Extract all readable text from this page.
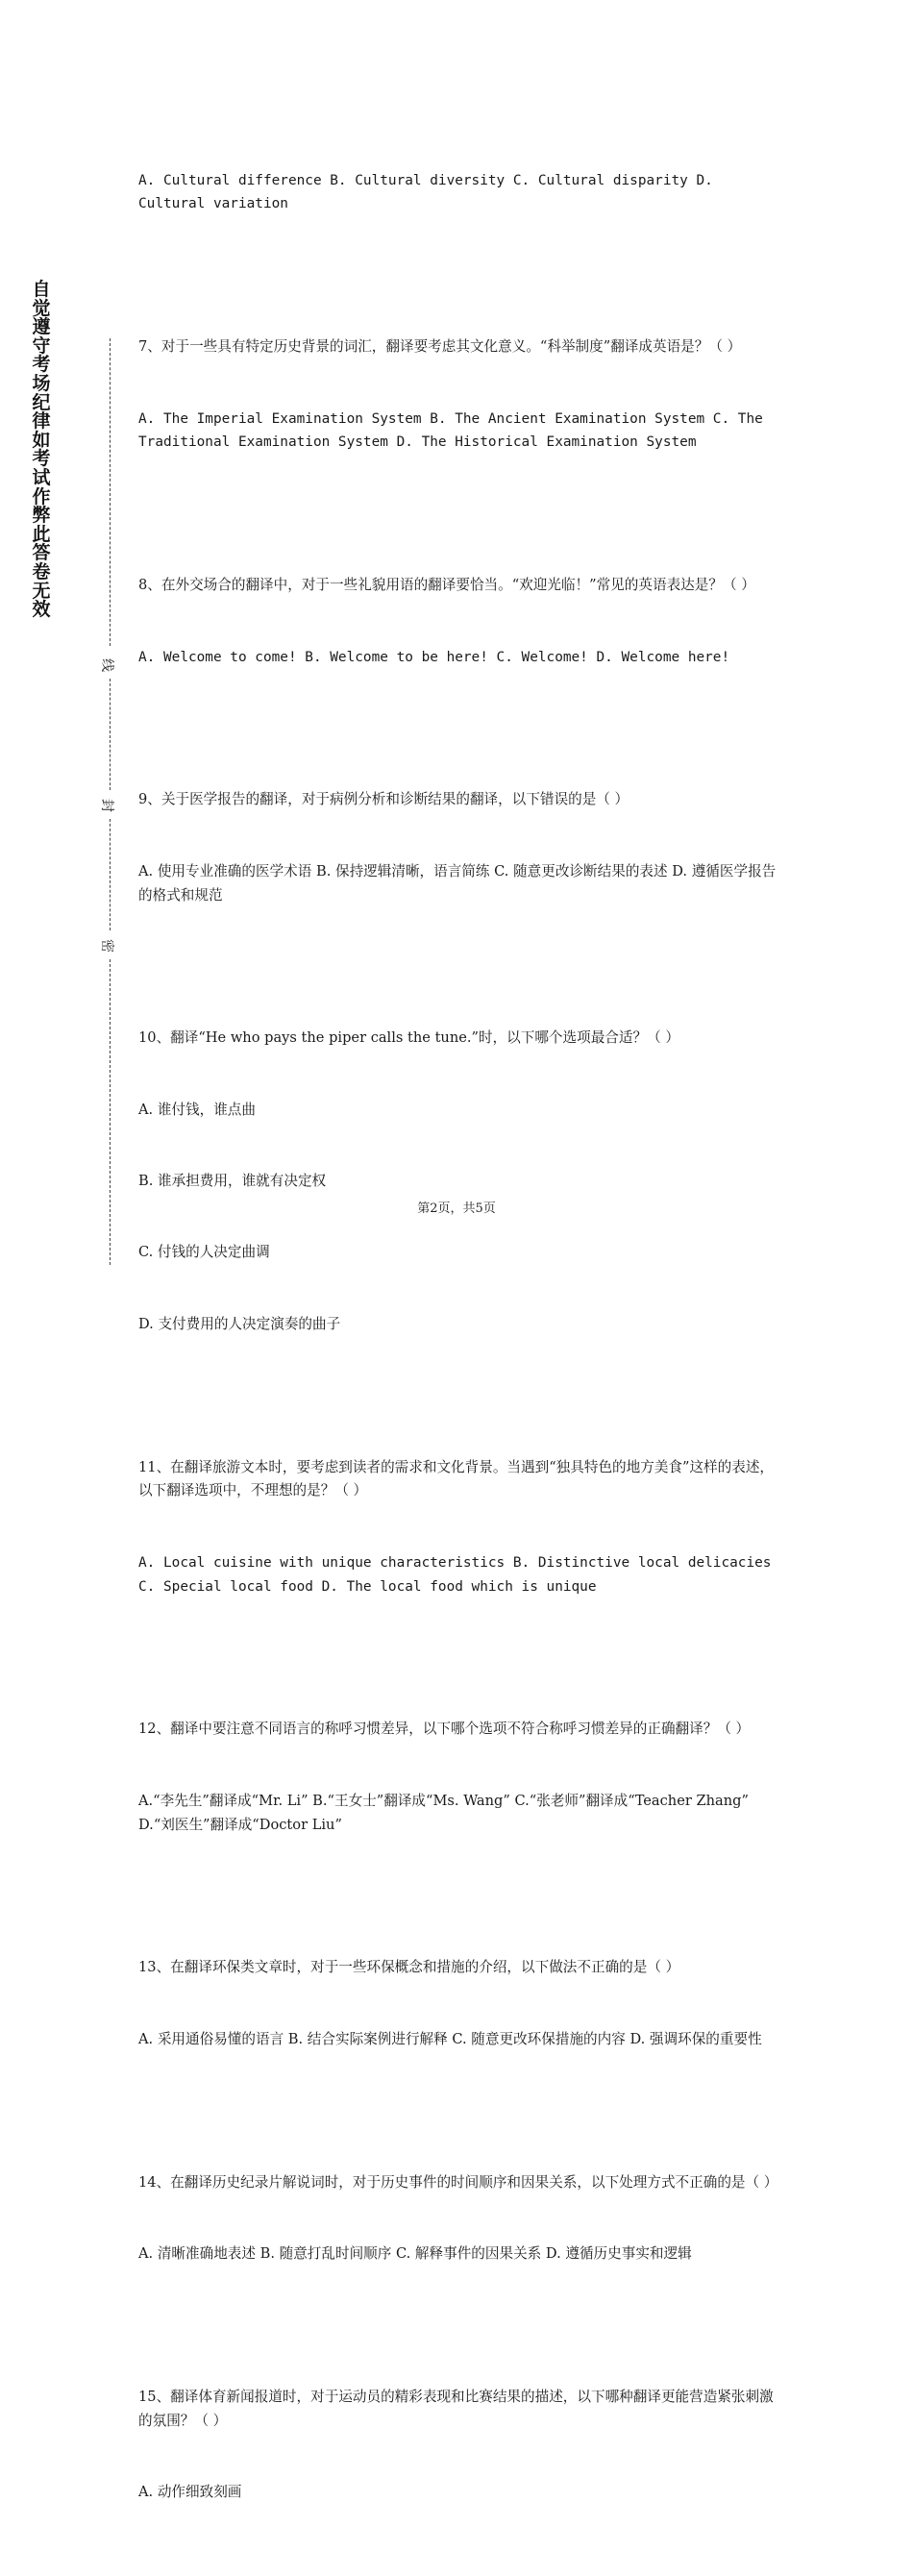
自觉遵守考场纪律如考试作弊此答卷无效
线
封
密

A. Cultural difference B. Cultural diversity C. Cultural disparity D. Cultural variation

7、对于一些具有特定历史背景的词汇，翻译要考虑其文化意义。“科举制度”翻译成英语是？（ ）

A. The Imperial Examination System B. The Ancient Examination System C. The Traditional Examination System D. The Historical Examination System

8、在外交场合的翻译中，对于一些礼貌用语的翻译要恰当。“欢迎光临！”常见的英语表达是？（ ）

A. Welcome to come! B. Welcome to be here! C. Welcome! D. Welcome here!

9、关于医学报告的翻译，对于病例分析和诊断结果的翻译，以下错误的是（ ）

A. 使用专业准确的医学术语 B. 保持逻辑清晰，语言简练 C. 随意更改诊断结果的表述 D. 遵循医学报告的格式和规范

10、翻译“He who pays the piper calls the tune.”时，以下哪个选项最合适？（ ）

A. 谁付钱，谁点曲

B. 谁承担费用，谁就有决定权

C. 付钱的人决定曲调

D. 支付费用的人决定演奏的曲子

11、在翻译旅游文本时，要考虑到读者的需求和文化背景。当遇到“独具特色的地方美食”这样的表述，以下翻译选项中，不理想的是？（ ）

A. Local cuisine with unique characteristics B. Distinctive local delicacies C. Special local food D. The local food which is unique

12、翻译中要注意不同语言的称呼习惯差异，以下哪个选项不符合称呼习惯差异的正确翻译？（ ）

A.“李先生”翻译成“Mr. Li” B.“王女士”翻译成“Ms. Wang” C.“张老师”翻译成“Teacher Zhang” D.“刘医生”翻译成“Doctor Liu”

13、在翻译环保类文章时，对于一些环保概念和措施的介绍，以下做法不正确的是（ ）

A. 采用通俗易懂的语言 B. 结合实际案例进行解释 C. 随意更改环保措施的内容 D. 强调环保的重要性

14、在翻译历史纪录片解说词时，对于历史事件的时间顺序和因果关系，以下处理方式不正确的是（ ）

A. 清晰准确地表述 B. 随意打乱时间顺序 C. 解释事件的因果关系 D. 遵循历史事实和逻辑

15、翻译体育新闻报道时，对于运动员的精彩表现和比赛结果的描述，以下哪种翻译更能营造紧张刺激的氛围？（ ）

A. 动作细致刻画

第2页，共5页
